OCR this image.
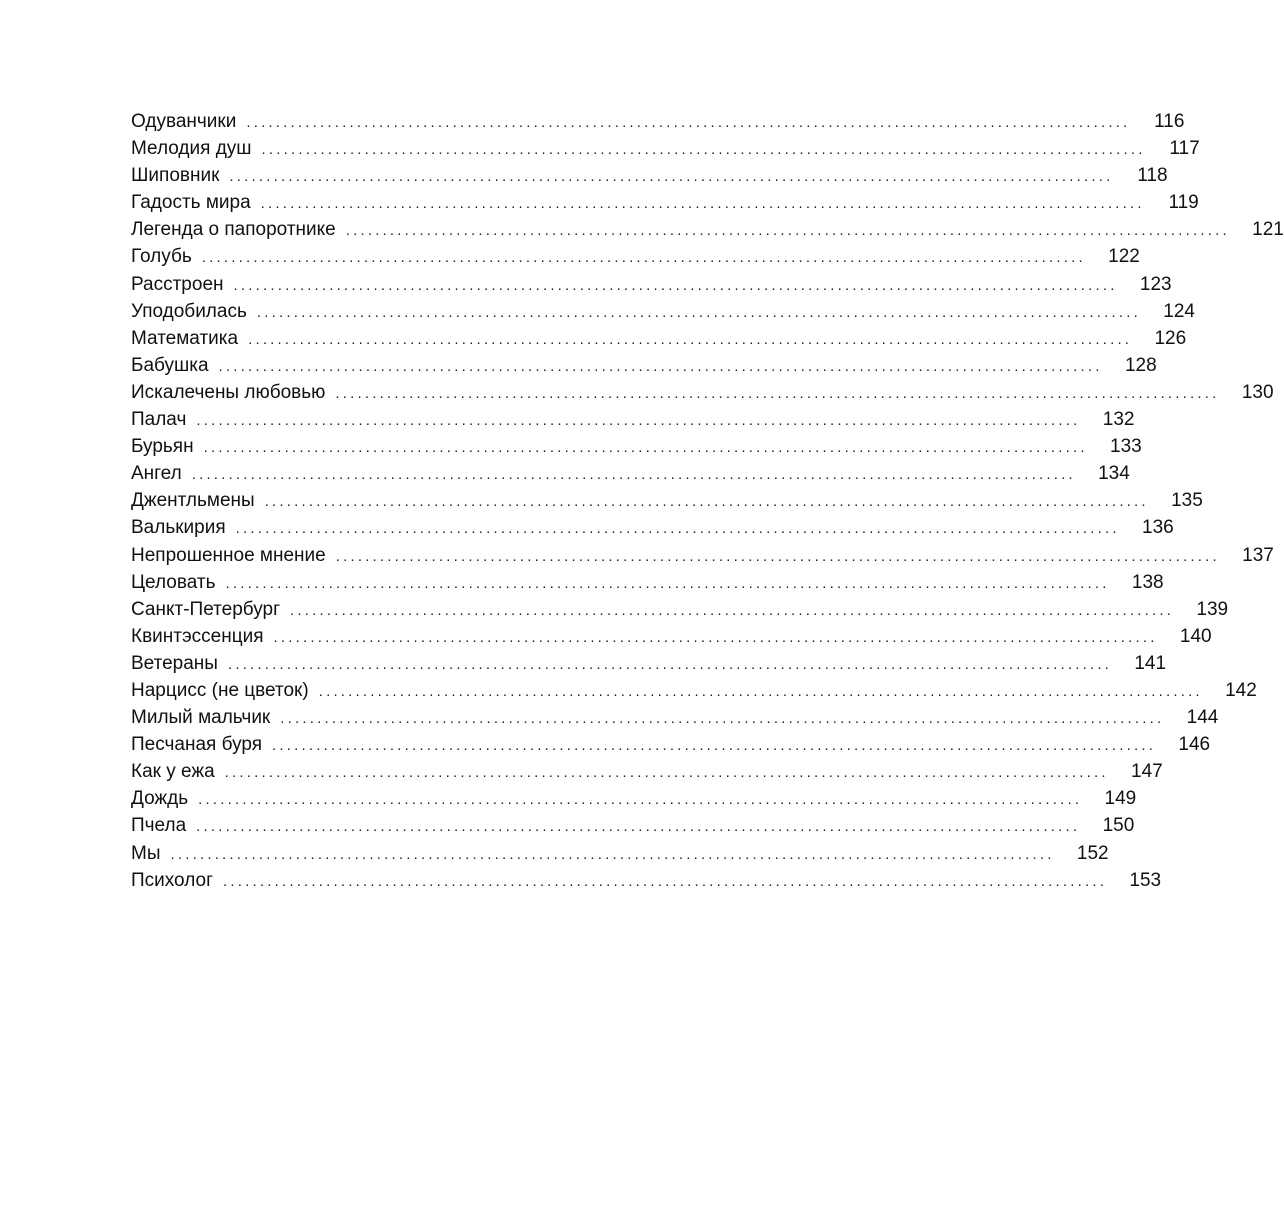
Одуванчики ........................................................................................................................ 116
Мелодия душ ........................................................................................................................ 117
Шиповник ........................................................................................................................ 118
Гадость мира ........................................................................................................................ 119
Легенда о папоротнике ........................................................................................................................ 121
Голубь ........................................................................................................................ 122
Расстроен ........................................................................................................................ 123
Уподобилась ........................................................................................................................ 124
Математика ........................................................................................................................ 126
Бабушка ........................................................................................................................ 128
Искалечены любовью ........................................................................................................................ 130
Палач ........................................................................................................................ 132
Бурьян ........................................................................................................................ 133
Ангел ........................................................................................................................ 134
Джентльмены ........................................................................................................................ 135
Валькирия ........................................................................................................................ 136
Непрошенное мнение ........................................................................................................................ 137
Целовать ........................................................................................................................ 138
Санкт-Петербург ........................................................................................................................ 139
Квинтэссенция ........................................................................................................................ 140
Ветераны ........................................................................................................................ 141
Нарцисс (не цветок) ........................................................................................................................ 142
Милый мальчик ........................................................................................................................ 144
Песчаная буря ........................................................................................................................ 146
Как у ежа ........................................................................................................................ 147
Дождь ........................................................................................................................ 149
Пчела ........................................................................................................................ 150
Мы ........................................................................................................................ 152
Психолог ........................................................................................................................ 153
